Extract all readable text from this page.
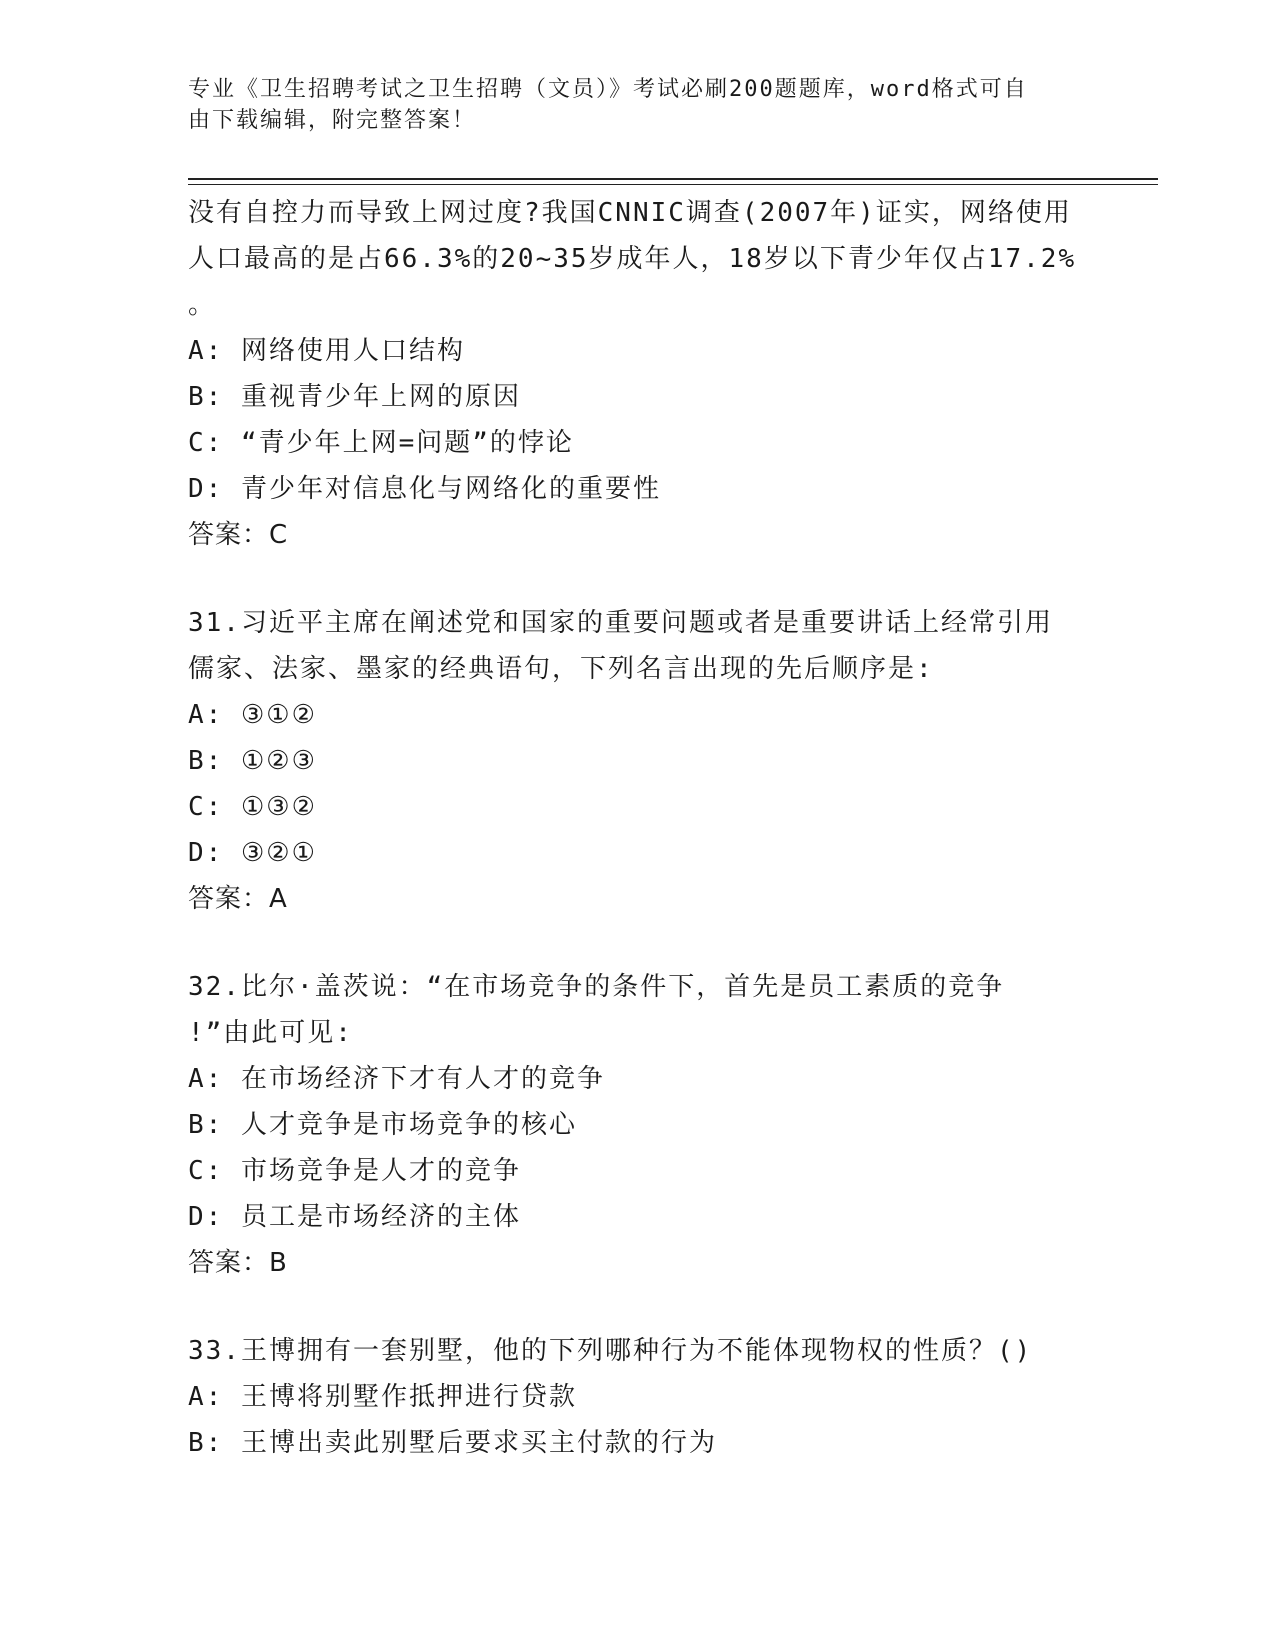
专业《卫生招聘考试之卫生招聘（文员）》考试必刷200题题库，word格式可自
由下载编辑，附完整答案！
没有自控力而导致上网过度?我国CNNIC调查(2007年)证实，网络使用
人口最高的是占66.3%的20~35岁成年人，18岁以下青少年仅占17.2%
。
A: 网络使用人口结构
B: 重视青少年上网的原因
C: “青少年上网=问题”的悖论
D: 青少年对信息化与网络化的重要性
答案：C
31.习近平主席在阐述党和国家的重要问题或者是重要讲话上经常引用
儒家、法家、墨家的经典语句，下列名言出现的先后顺序是:
A: ③①②
B: ①②③
C: ①③②
D: ③②①
答案：A
32.比尔·盖茨说：“在市场竞争的条件下，首先是员工素质的竞争
!”由此可见:
A: 在市场经济下才有人才的竞争
B: 人才竞争是市场竞争的核心
C: 市场竞争是人才的竞争
D: 员工是市场经济的主体
答案：B
33.王博拥有一套别墅，他的下列哪种行为不能体现物权的性质？()
A: 王博将别墅作抵押进行贷款
B: 王博出卖此别墅后要求买主付款的行为
